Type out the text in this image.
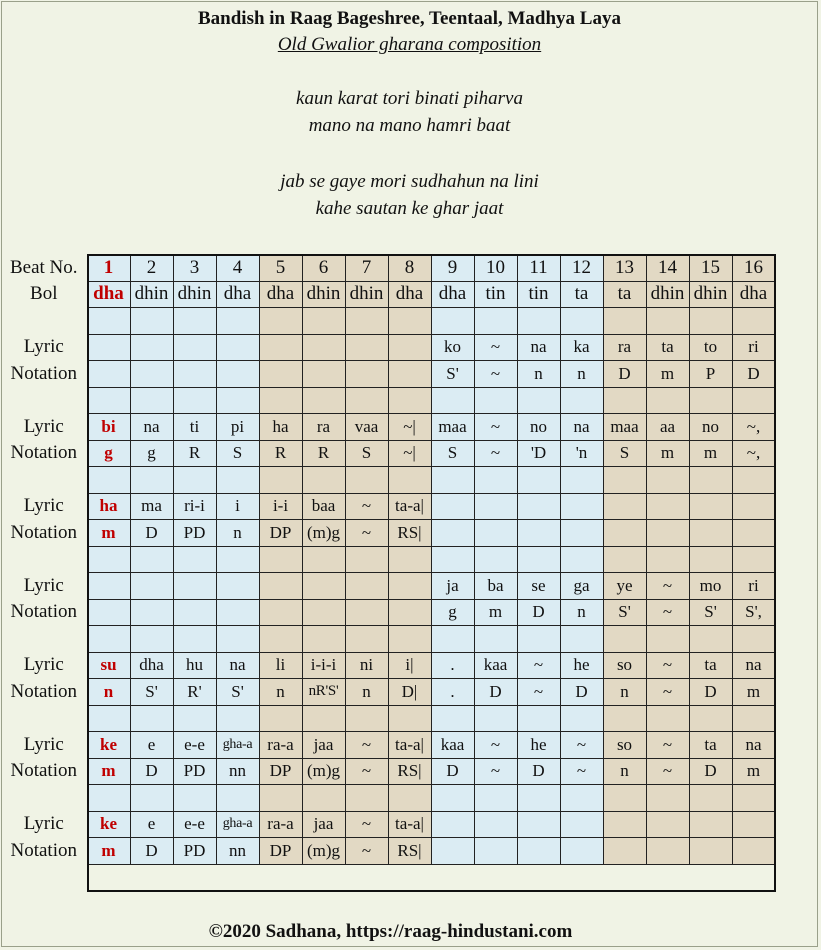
Bandish in Raag Bageshree, Teentaal, Madhya Laya
Old Gwalior gharana composition
kaun karat tori binati piharva
mano na mano hamri baat
jab se gaye mori sudhahun na lini
kahe sautan ke ghar jaat
Beat No.	1	2	3	4	5	6	7	8	9	10	11	12	13	14	15	16
Bol	dha	dhin	dhin	dha	dha	dhin	dhin	dha	dha	tin	tin	ta	ta	dhin	dhin	dha

Lyric									ko	~	na	ka	ra	ta	to	ri
Notation									S'	~	n	n	D	m	P	D

Lyric	bi	na	ti	pi	ha	ra	vaa	~|	maa	~	no	na	maa	aa	no	~,
Notation	g	g	R	S	R	R	S	~|	S	~	'D	'n	S	m	m	~,

Lyric	ha	ma	ri-i	i	i-i	baa	~	ta-a|								
Notation	m	D	PD	n	DP	(m)g	~	RS|								

Lyric									ja	ba	se	ga	ye	~	mo	ri
Notation									g	m	D	n	S'	~	S'	S',

Lyric	su	dha	hu	na	li	i-i-i	ni	i|	.	kaa	~	he	so	~	ta	na
Notation	n	S'	R'	S'	n	nR'S'	n	D|	.	D	~	D	n	~	D	m

Lyric	ke	e	e-e	gha-a	ra-a	jaa	~	ta-a|	kaa	~	he	~	so	~	ta	na
Notation	m	D	PD	nn	DP	(m)g	~	RS|	D	~	D	~	n	~	D	m

Lyric	ke	e	e-e	gha-a	ra-a	jaa	~	ta-a|								
Notation	m	D	PD	nn	DP	(m)g	~	RS|								
©2020 Sadhana, https://raag-hindustani.com
